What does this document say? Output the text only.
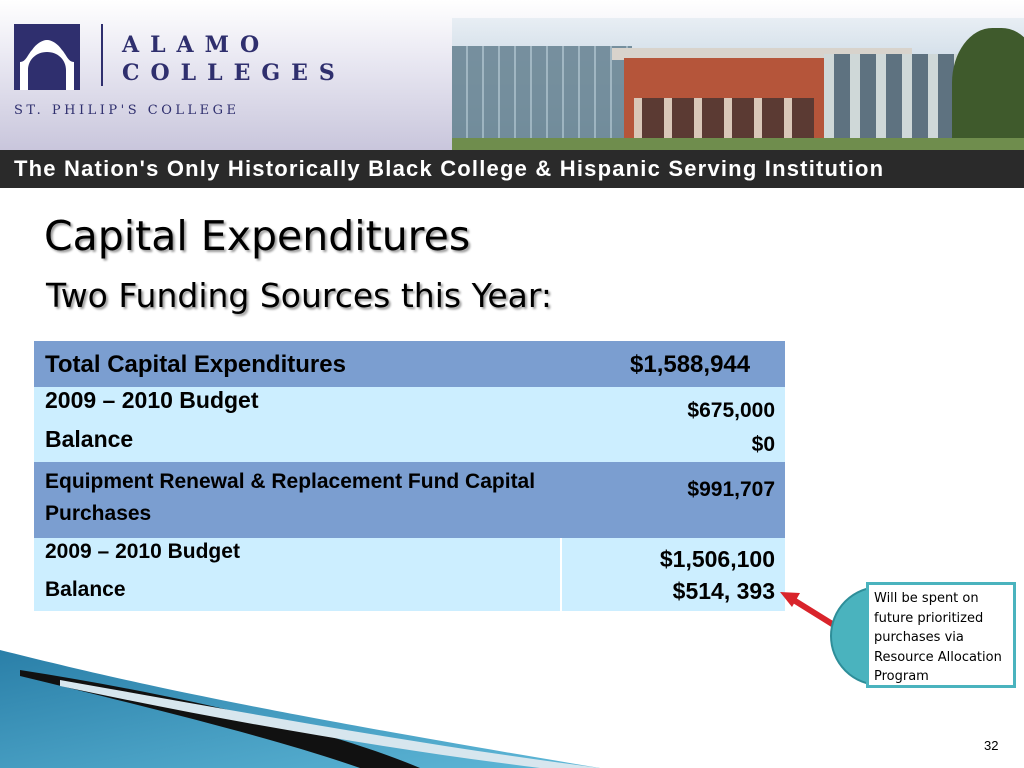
ALAMO
COLLEGES
ST. PHILIP'S COLLEGE
The Nation's Only Historically Black College & Hispanic Serving Institution
Capital Expenditures
Two Funding Sources this Year:
Total Capital Expenditures	$1,588,944
2009 – 2010 Budget
Balance
$675,000
$0
Equipment Renewal & Replacement Fund Capital
Purchases
$991,707
2009 – 2010 Budget
Balance
$1,506,100
$514, 393	Will be spent on
future prioritized
purchases via
Resource Allocation
Program
32
